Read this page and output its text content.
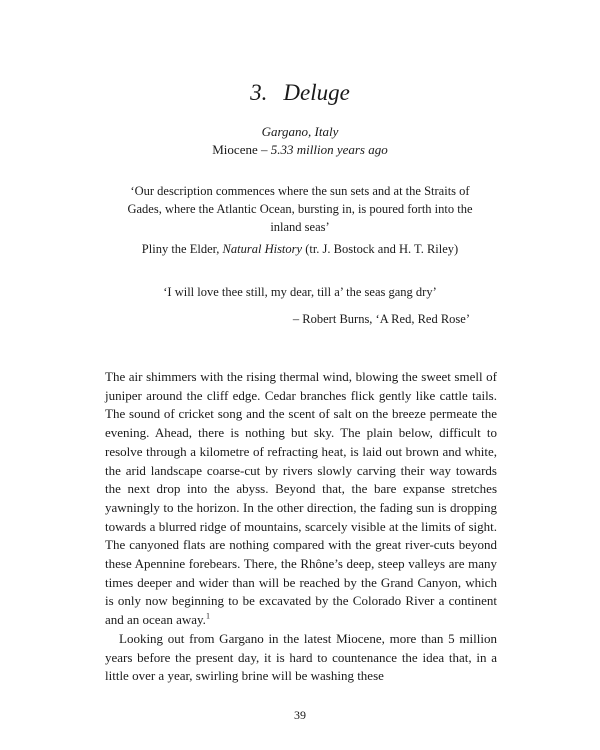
3. Deluge

Gargano, Italy

Miocene – 5.33 million years ago

‘Our description commences where the sun sets and at the Straits of Gades, where the Atlantic Ocean, bursting in, is poured forth into the inland seas’

Pliny the Elder, Natural History (tr. J. Bostock and H. T. Riley)

‘I will love thee still, my dear, till a’ the seas gang dry’

– Robert Burns, ‘A Red, Red Rose’

The air shimmers with the rising thermal wind, blowing the sweet smell of juniper around the cliff edge. Cedar branches flick gently like cattle tails. The sound of cricket song and the scent of salt on the breeze permeate the evening. Ahead, there is nothing but sky. The plain below, difficult to resolve through a kilometre of refracting heat, is laid out brown and white, the arid landscape coarse-cut by rivers slowly carving their way towards the next drop into the abyss. Beyond that, the bare expanse stretches yawningly to the horizon. In the other direction, the fading sun is dropping towards a blurred ridge of mountains, scarcely visible at the limits of sight. The canyoned flats are nothing compared with the great river-cuts beyond these Apennine forebears. There, the Rhône’s deep, steep valleys are many times deeper and wider than will be reached by the Grand Canyon, which is only now beginning to be excavated by the Colorado River a continent and an ocean away.$^1$

Looking out from Gargano in the latest Miocene, more than 5 million years before the present day, it is hard to countenance the idea that, in a little over a year, swirling brine will be washing these

39
